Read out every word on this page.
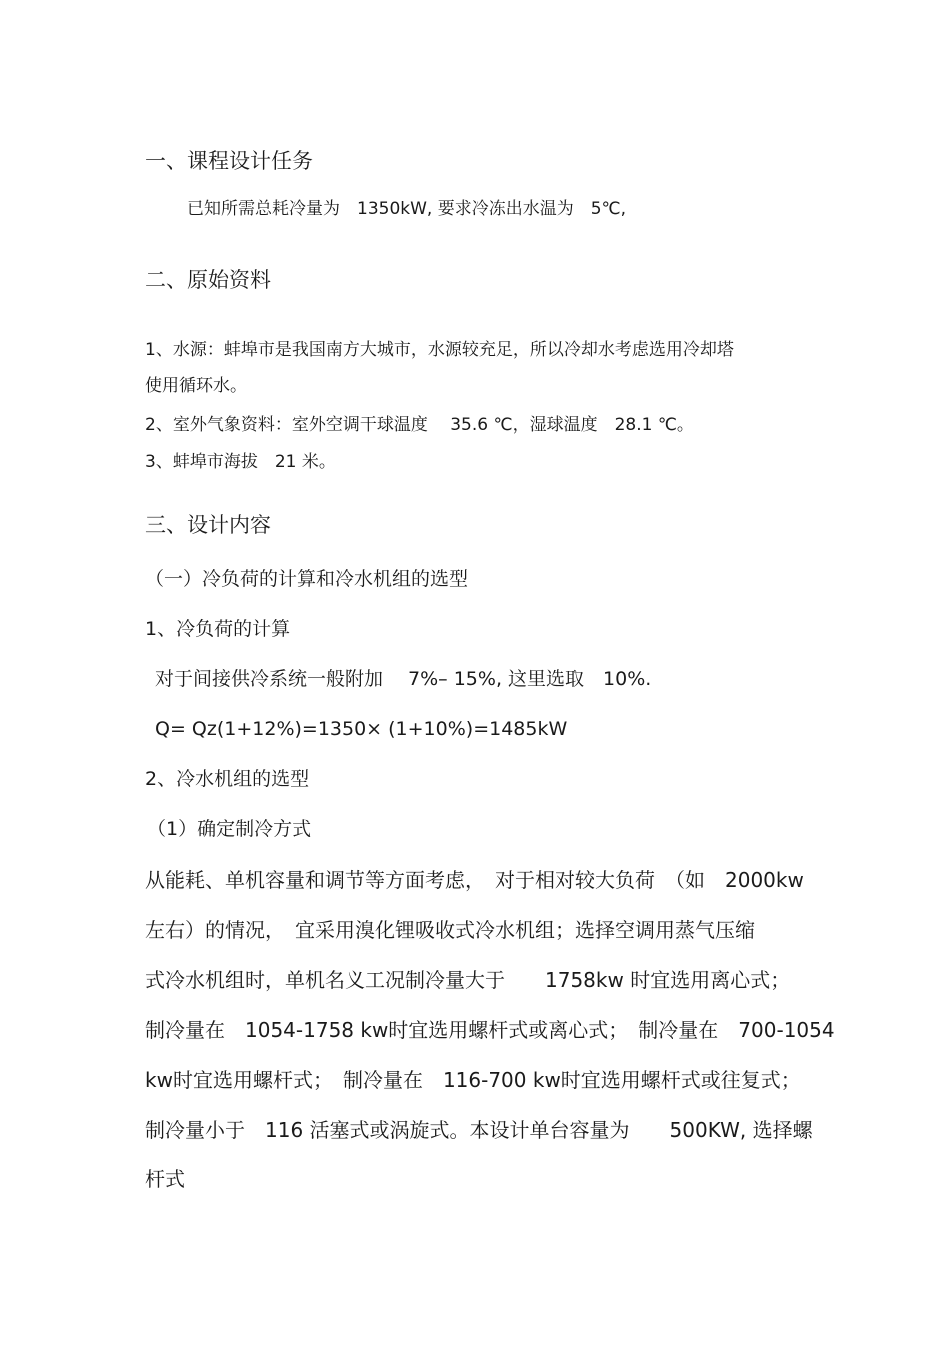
一、课程设计任务
已知所需总耗冷量为　1350kW, 要求冷冻出水温为　5℃,
二、原始资料
1、水源：蚌埠市是我国南方大城市，水源较充足，所以冷却水考虑选用冷却塔
使用循环水。
2、室外气象资料：室外空调干球温度　 35.6 ℃，湿球温度　28.1 ℃。
3、蚌埠市海拔　21 米。
三、设计内容
（一）冷负荷的计算和冷水机组的选型
1、冷负荷的计算
对于间接供冷系统一般附加　 7%– 15%, 这里选取　10%.
Q= Qz(1+12%)=1350× (1+10%)=1485kW
2、冷水机组的选型
（1）确定制冷方式
从能耗、单机容量和调节等方面考虑，　对于相对较大负荷　（如　2000kw
左右）的情况，　宜采用溴化锂吸收式冷水机组；选择空调用蒸气压缩
式冷水机组时，单机名义工况制冷量大于　　1758kw 时宜选用离心式；
制冷量在　1054-1758 kw时宜选用螺杆式或离心式；　制冷量在　700-1054
kw时宜选用螺杆式；　制冷量在　116-700 kw时宜选用螺杆式或往复式；
制冷量小于　116 活塞式或涡旋式。本设计单台容量为　　500KW, 选择螺
杆式
